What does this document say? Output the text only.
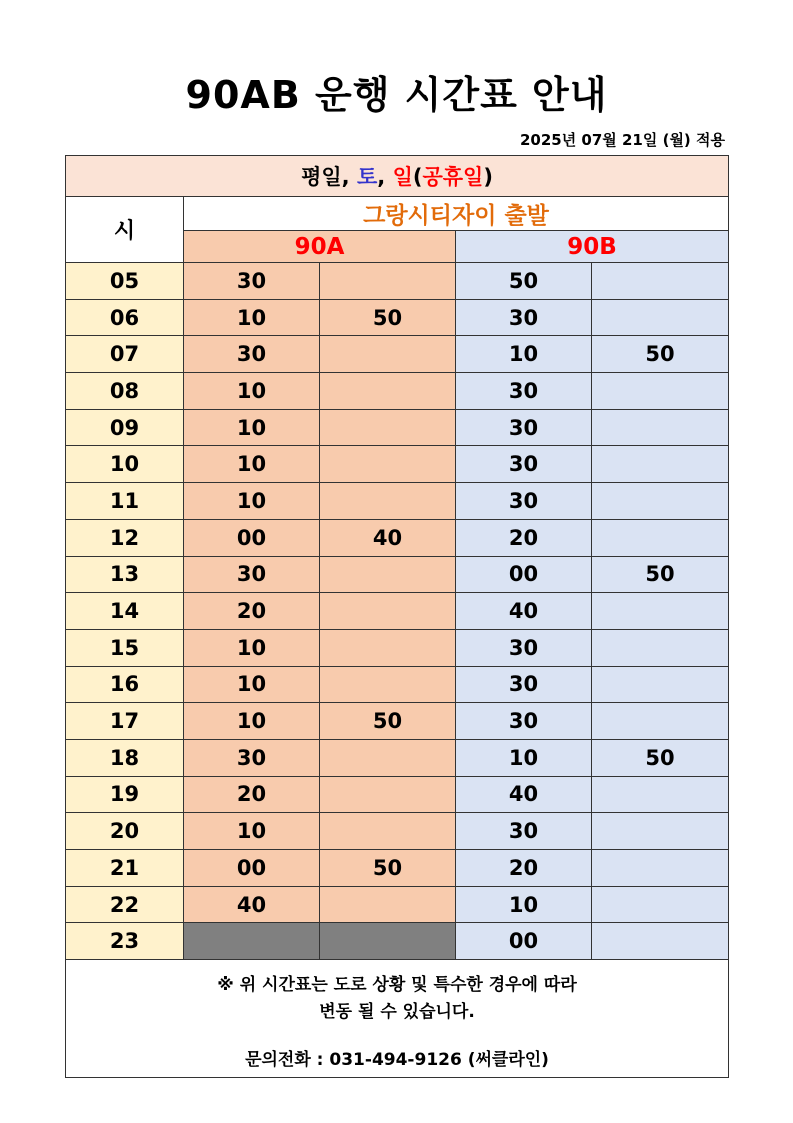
90AB 운행 시간표 안내
2025년 07월 21일 (월) 적용
평일, 토, 일(공휴일)				
시	그랑시티자이 출발			
	90A		90B	
05	30		50	
06	10	50	30	
07	30		10	50
08	10		30	
09	10		30	
10	10		30	
11	10		30	
12	00	40	20	
13	30		00	50
14	20		40	
15	10		30	
16	10		30	
17	10	50	30	
18	30		10	50
19	20		40	
20	10		30	
21	00	50	20	
22	40		10	
23			00	

※ 위 시간표는 도로 상황 및 특수한 경우에 따라
변동 될 수 있습니다.
문의전화 : 031-494-9126 (써클라인)				
